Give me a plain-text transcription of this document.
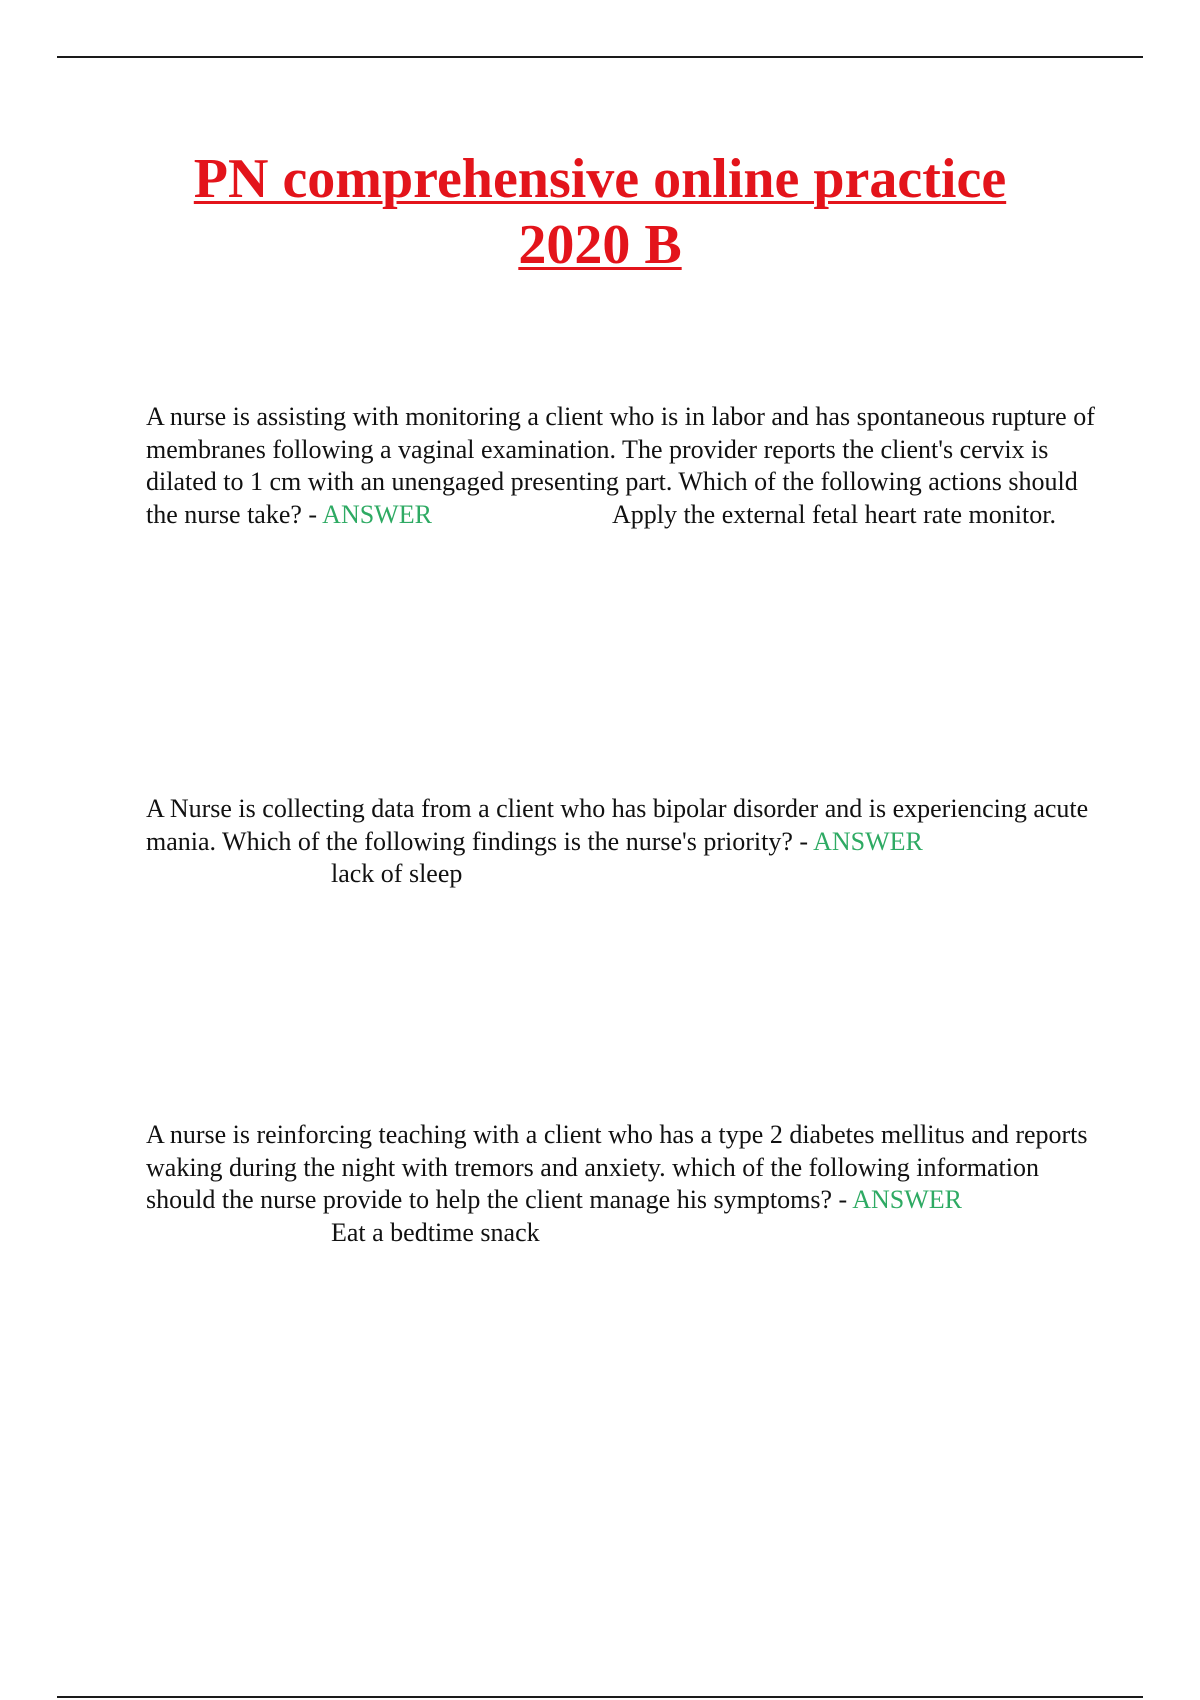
PN comprehensive online practice
2020 B

A nurse is assisting with monitoring a client who is in labor and has spontaneous rupture of membranes following a vaginal examination. The provider reports the client's cervix is dilated to 1 cm with an unengaged presenting part. Which of the following actions should the nurse take? - ANSWER	Apply the external fetal heart rate monitor.

A Nurse is collecting data from a client who has bipolar disorder and is experiencing acute mania. Which of the following findings is the nurse's priority? - ANSWERlack of sleep

A nurse is reinforcing teaching with a client who has a type 2 diabetes mellitus and reports waking during the night with tremors and anxiety. which of the following information should the nurse provide to help the client manage his symptoms? - ANSWEREat a bedtime snack
